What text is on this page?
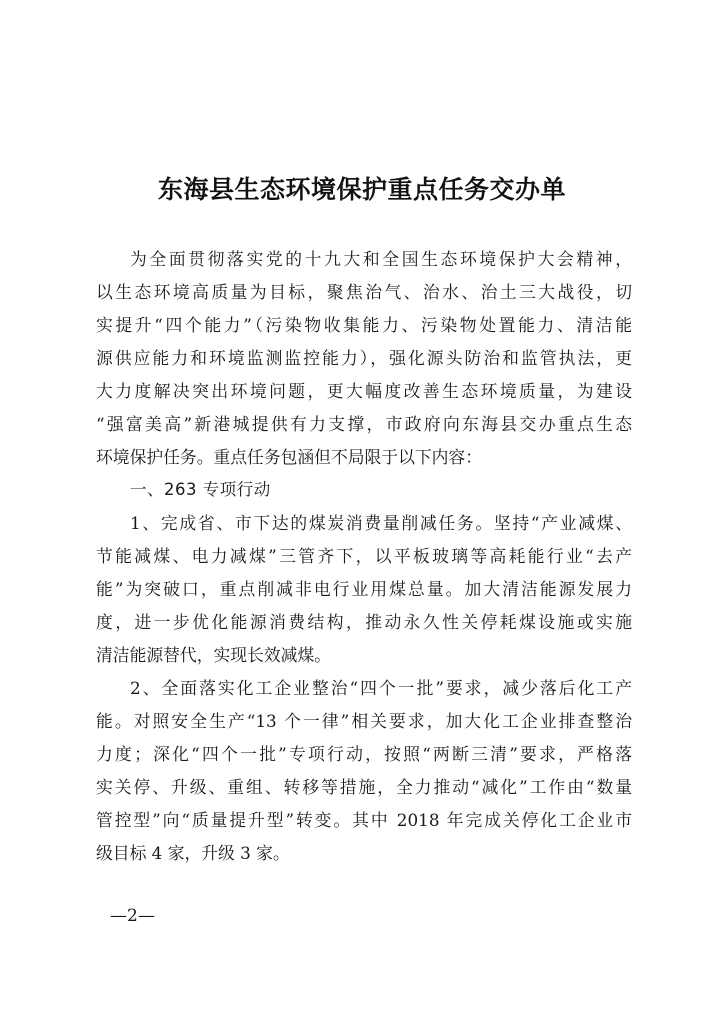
东海县生态环境保护重点任务交办单
为全面贯彻落实党的十九大和全国生态环境保护大会精神，
以生态环境高质量为目标，聚焦治气、治水、治土三大战役，切
实提升“四个能力”（污染物收集能力、污染物处置能力、清洁能
源供应能力和环境监测监控能力），强化源头防治和监管执法，更
大力度解决突出环境问题，更大幅度改善生态环境质量，为建设
“强富美高”新港城提供有力支撑，市政府向东海县交办重点生态
环境保护任务。重点任务包涵但不局限于以下内容：
一、263 专项行动
1、完成省、市下达的煤炭消费量削减任务。坚持“产业减煤、
节能减煤、电力减煤”三管齐下，以平板玻璃等高耗能行业“去产
能”为突破口，重点削减非电行业用煤总量。加大清洁能源发展力
度，进一步优化能源消费结构，推动永久性关停耗煤设施或实施
清洁能源替代，实现长效减煤。
2、全面落实化工企业整治“四个一批”要求，减少落后化工产
能。对照安全生产“13 个一律”相关要求，加大化工企业排查整治
力度；深化“四个一批”专项行动，按照“两断三清”要求，严格落
实关停、升级、重组、转移等措施，全力推动“减化”工作由“数量
管控型”向“质量提升型”转变。其中 2018 年完成关停化工企业市
级目标 4 家，升级 3 家。
—2—
